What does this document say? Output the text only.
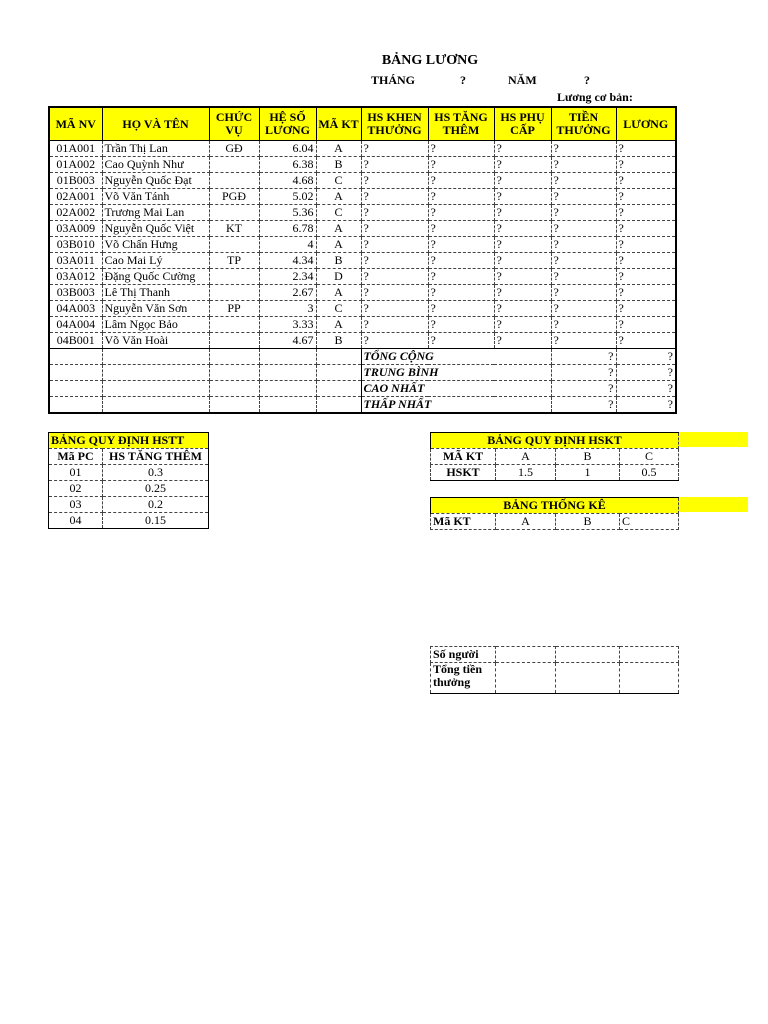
BẢNG LƯƠNG
THÁNG	?	NĂM	?
Lương cơ bản:
MÃ NV	HỌ VÀ TÊN	CHỨC VỤ	HỆ SỐ LƯƠNG	MÃ KT	HS KHEN THƯỞNG	HS TĂNG THÊM	HS PHỤ CẤP	TIỀN THƯỞNG	LƯƠNG
01A001	Trần Thị Lan	GĐ	6.04	A	?	?	?	?	?
01A002	Cao Quỳnh Như		6.38	B	?	?	?	?	?
01B003	Nguyễn Quốc Đạt		4.68	C	?	?	?	?	?
02A001	Võ Văn Tánh	PGĐ	5.02	A	?	?	?	?	?
02A002	Trương Mai Lan		5.36	C	?	?	?	?	?
03A009	Nguyễn Quốc Việt	KT	6.78	A	?	?	?	?	?
03B010	Võ Chấn Hưng		4	A	?	?	?	?	?
03A011	Cao Mai Lý	TP	4.34	B	?	?	?	?	?
03A012	Đặng Quốc Cường		2.34	D	?	?	?	?	?
03B003	Lê Thị Thanh		2.67	A	?	?	?	?	?
04A003	Nguyễn Văn Sơn	PP	3	C	?	?	?	?	?
04A004	Lâm Ngọc Bảo		3.33	A	?	?	?	?	?
04B001	Võ Văn Hoài		4.67	B	?	?	?	?	?
					TỔNG CỘNG			?	?
					TRUNG BÌNH			?	?
					CAO NHẤT			?	?
					THẤP NHẤT			?	?
BẢNG QUY ĐỊNH HSTT	
Mã PC	HS TĂNG THÊM
01	0.3
02	0.25
03	0.2
04	0.15
BẢNG QUY ĐỊNH HSKT			
MÃ KT	A	B	C
HSKT	1.5	1	0.5
BẢNG THỐNG KÊ
Mã KT	A	B	C
Số người			
Tổng tiền thưởng			
